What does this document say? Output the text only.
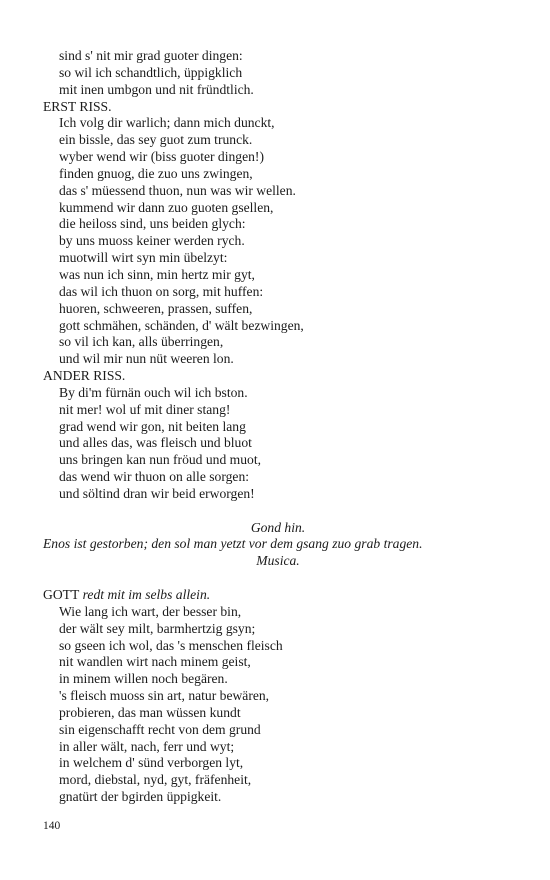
sind s' nit mir grad guoter dingen:
so wil ich schandtlich, üppigklich
mit inen umbgon und nit fründtlich.
ERST RISS.
Ich volg dir warlich; dann mich dunckt,
ein bissle, das sey guot zum trunck.
wyber wend wir (biss guoter dingen!)
finden gnuog, die zuo uns zwingen,
das s' müessend thuon, nun was wir wellen.
kummend wir dann zuo guoten gsellen,
die heiloss sind, uns beiden glych:
by uns muoss keiner werden rych.
muotwill wirt syn min übelzyt:
was nun ich sinn, min hertz mir gyt,
das wil ich thuon on sorg, mit huffen:
huoren, schweeren, prassen, suffen,
gott schmähen, schänden, d' wält bezwingen,
so vil ich kan, alls überringen,
und wil mir nun nüt weeren lon.
ANDER RISS.
By di'm fürnän ouch wil ich bston.
nit mer! wol uf mit diner stang!
grad wend wir gon, nit beiten lang
und alles das, was fleisch und bluot
uns bringen kan nun fröud und muot,
das wend wir thuon on alle sorgen:
und söltind dran wir beid erworgen!
Gond hin.
Enos ist gestorben; den sol man yetzt vor dem gsang zuo grab tragen.
Musica.
GOTT redt mit im selbs allein.
Wie lang ich wart, der besser bin,
der wält sey milt, barmhertzig gsyn;
so gseen ich wol, das 's menschen fleisch
nit wandlen wirt nach minem geist,
in minem willen noch begären.
's fleisch muoss sin art, natur bewären,
probieren, das man wüssen kundt
sin eigenschafft recht von dem grund
in aller wält, nach, ferr und wyt;
in welchem d' sünd verborgen lyt,
mord, diebstal, nyd, gyt, fräfenheit,
gnatürt der bgirden üppigkeit.
140
